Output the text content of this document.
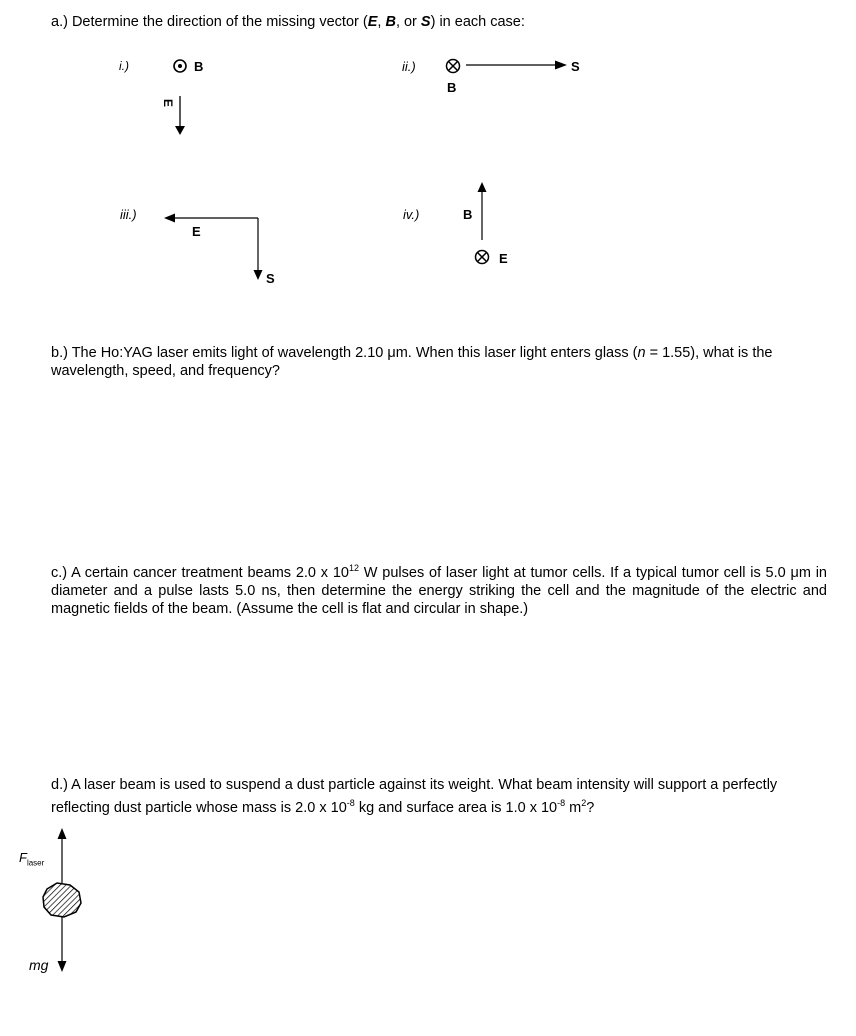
a.) Determine the direction of the missing vector (E, B, or S) in each case:
i.)	B
E
ii.)
B
S
iii.)
E
S
iv.)	B
E
b.) The Ho:YAG laser emits light of wavelength 2.10 μm. When this laser light enters glass (n = 1.55), what is the wavelength, speed, and frequency?
c.) A certain cancer treatment beams 2.0 x $10^{12}$ W pulses of laser light at tumor cells. If a typical tumor cell is 5.0 μm in diameter and a pulse lasts 5.0 ns, then determine the energy striking the cell and the magnitude of the electric and magnetic fields of the beam. (Assume the cell is flat and circular in shape.)
d.) A laser beam is used to suspend a dust particle against its weight. What beam intensity will support a perfectly reflecting dust particle whose mass is 2.0 x $10^{-8}$ kg and surface area is 1.0 x $10^{-8}$ $m^2$?
$F_{laser}$
mg
